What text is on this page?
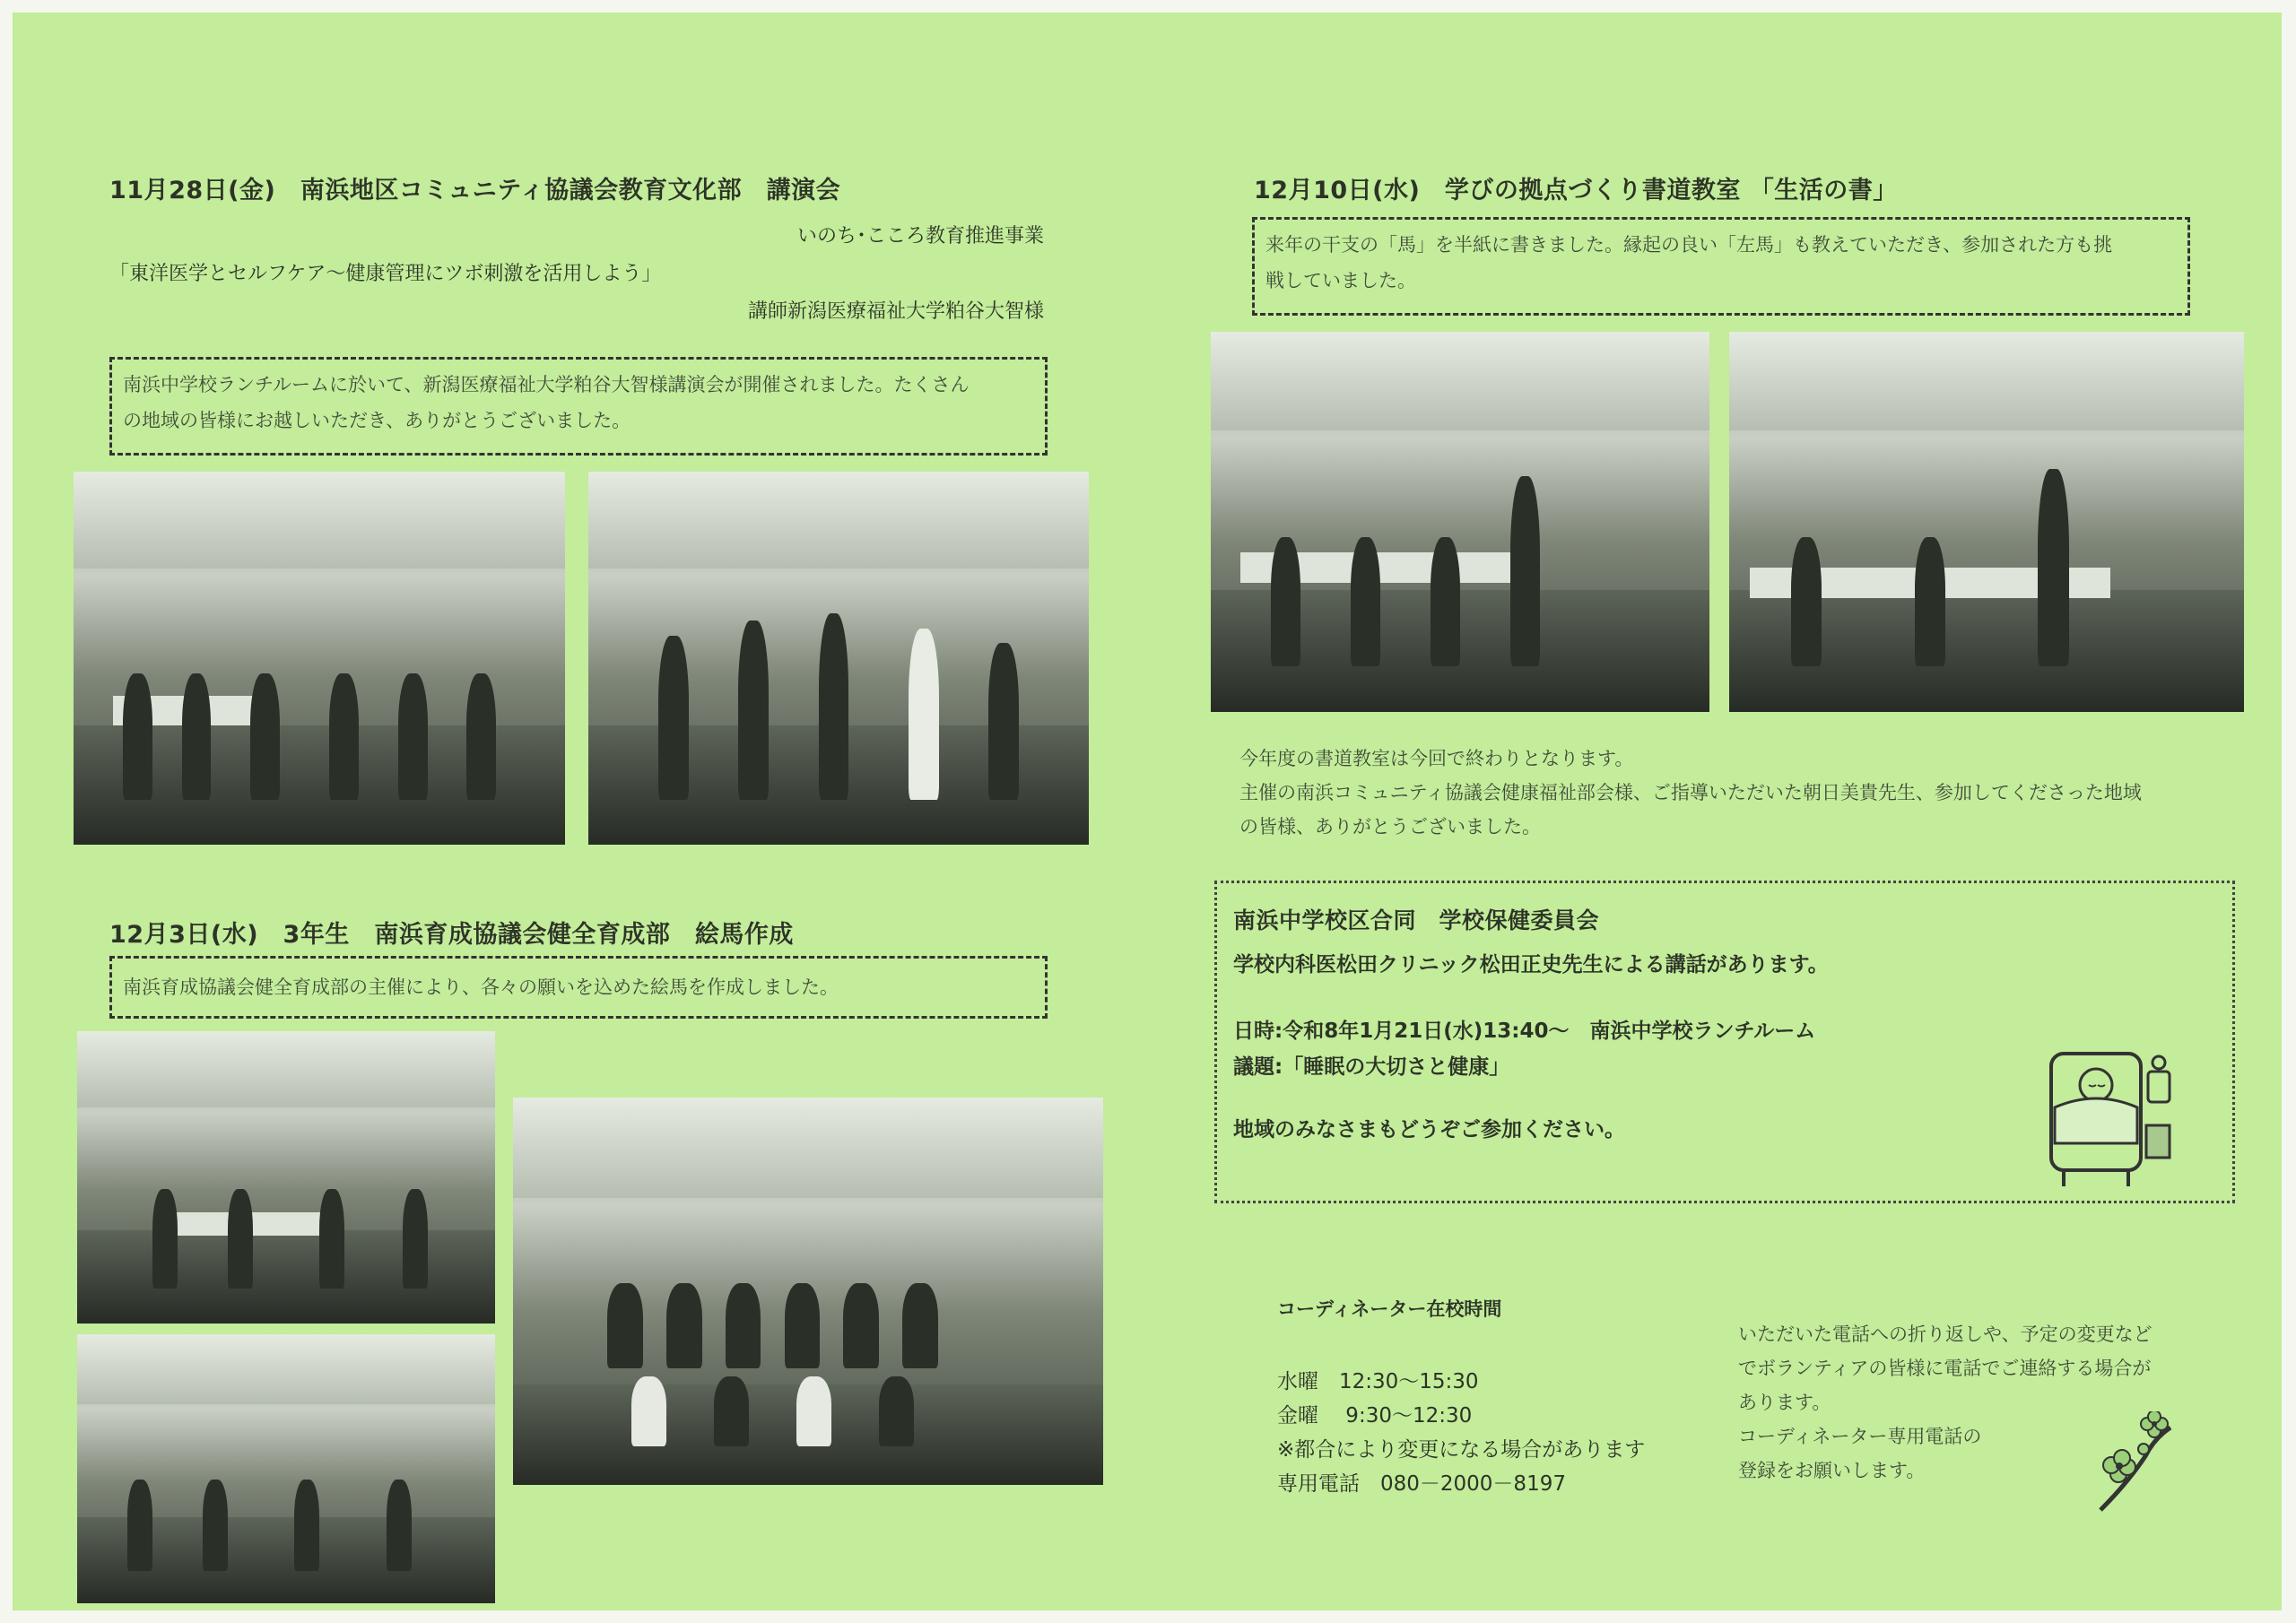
11月28日(金)　南浜地区コミュニティ協議会教育文化部　講演会
いのち･こころ教育推進事業
「東洋医学とセルフケア～健康管理にツボ刺激を活用しよう」
講師新潟医療福祉大学粕谷大智様
南浜中学校ランチルームに於いて、新潟医療福祉大学粕谷大智様講演会が開催されました。たくさん
の地域の皆様にお越しいただき、ありがとうございました。
12月3日(水)　3年生　南浜育成協議会健全育成部　絵馬作成
南浜育成協議会健全育成部の主催により、各々の願いを込めた絵馬を作成しました。
12月10日(水)　学びの拠点づくり書道教室 「生活の書」
来年の干支の「馬」を半紙に書きました。縁起の良い「左馬」も教えていただき、参加された方も挑
戦していました。
今年度の書道教室は今回で終わりとなります。
主催の南浜コミュニティ協議会健康福祉部会様、ご指導いただいた朝日美貴先生、参加してくださった地域
の皆様、ありがとうございました。
南浜中学校区合同　学校保健委員会
学校内科医松田クリニック松田正史先生による講話があります。
日時:令和8年1月21日(水)13:40～　南浜中学校ランチルーム
議題:「睡眠の大切さと健康」
地域のみなさまもどうぞご参加ください。
コーディネーター在校時間
水曜　12:30～15:30
金曜　 9:30～12:30
※都合により変更になる場合があります
専用電話　080－2000－8197
いただいた電話への折り返しや、予定の変更など
でボランティアの皆様に電話でご連絡する場合が
あります。
コーディネーター専用電話の
登録をお願いします。
